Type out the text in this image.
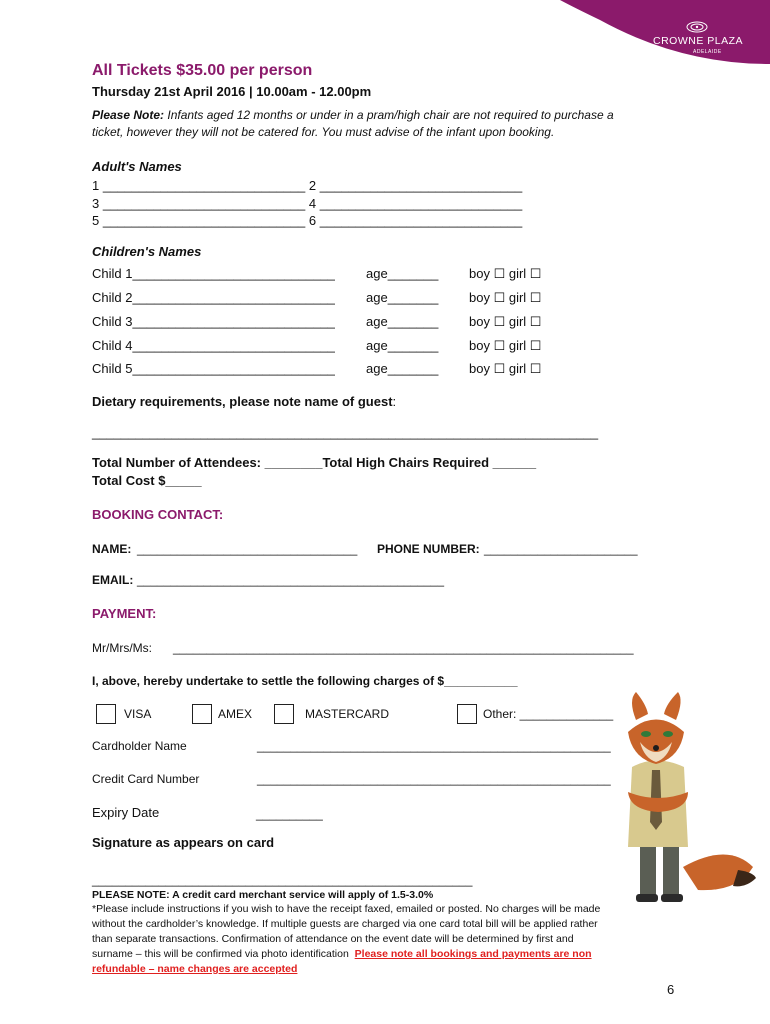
CROWNE PLAZA
ADELAIDE
All Tickets $35.00 per person
Thursday 21st April 2016 | 10.00am - 12.00pm
Please Note: Infants aged 12 months or under in a pram/high chair are not required to purchase a
ticket, however they will not be catered for. You must advise of the infant upon booking.
Adult's Names
1 ____________________________ 2 ____________________________
3 ____________________________ 4 ____________________________
5 ____________________________ 6 ____________________________
Children's Names
Child 1____________________________ age_______ boy ☐ girl ☐
Child 2____________________________ age_______ boy ☐ girl ☐
Child 3____________________________ age_______ boy ☐ girl ☐
Child 4____________________________ age_______ boy ☐ girl ☐
Child 5____________________________ age_______ boy ☐ girl ☐
Dietary requirements, please note name of guest:
______________________________________________________________________
Total Number of Attendees: ________Total High Chairs Required ______
Total Cost $_____
BOOKING CONTACT:
NAME: _________________________________ PHONE NUMBER: _______________________
EMAIL: ______________________________________________
PAYMENT:
Mr/Mrs/Ms: _____________________________________________________________________
I, above, hereby undertake to settle the following charges of $___________
VISA	AMEX	MASTERCARD	Other: ______________
Cardholder Name	_____________________________________________________
Credit Card Number	_____________________________________________________
Expiry Date	__________
Signature as appears on card
_________________________________________________________
PLEASE NOTE: A credit card merchant service will apply of 1.5-3.0%
*Please include instructions if you wish to have the receipt faxed, emailed or posted. No charges will be made
without the cardholder’s knowledge. If multiple guests are charged via one card total bill will be applied rather
than separate transactions. Confirmation of attendance on the event date will be determined by first and
surname – this will be confirmed via photo identification Please note all bookings and payments are non
refundable – name changes are accepted
6
